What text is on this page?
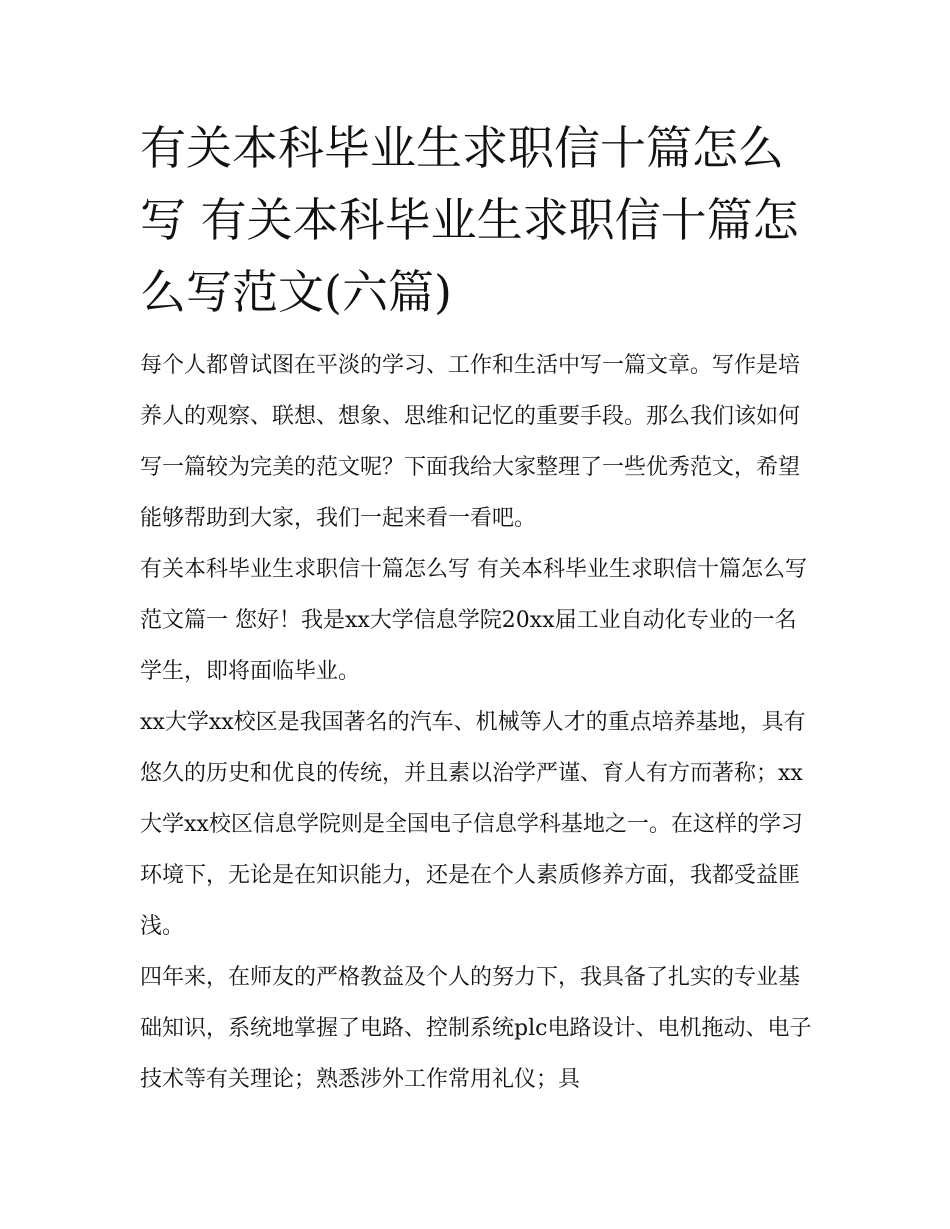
有关本科毕业生求职信十篇怎么写 有关本科毕业生求职信十篇怎么写范文(六篇)

每个人都曾试图在平淡的学习、工作和生活中写一篇文章。写作是培养人的观察、联想、想象、思维和记忆的重要手段。那么我们该如何写一篇较为完美的范文呢？下面我给大家整理了一些优秀范文，希望能够帮助到大家，我们一起来看一看吧。

有关本科毕业生求职信十篇怎么写 有关本科毕业生求职信十篇怎么写范文篇一 您好！我是xx大学信息学院20xx届工业自动化专业的一名学生，即将面临毕业。

xx大学xx校区是我国著名的汽车、机械等人才的重点培养基地，具有悠久的历史和优良的传统，并且素以治学严谨、育人有方而著称；xx大学xx校区信息学院则是全国电子信息学科基地之一。在这样的学习环境下，无论是在知识能力，还是在个人素质修养方面，我都受益匪浅。

四年来，在师友的严格教益及个人的努力下，我具备了扎实的专业基础知识，系统地掌握了电路、控制系统plc电路设计、电机拖动、电子技术等有关理论；熟悉涉外工作常用礼仪；具
